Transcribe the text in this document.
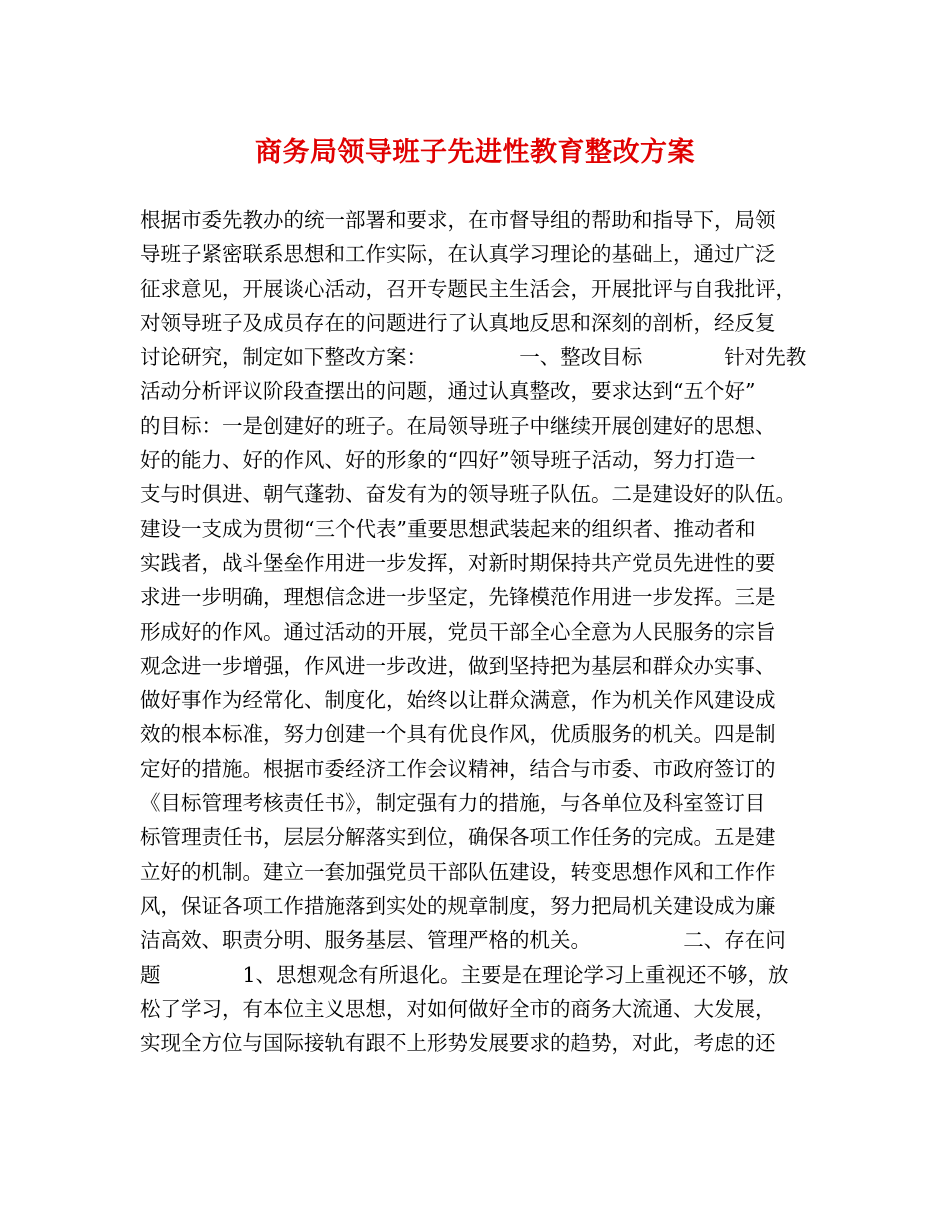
商务局领导班子先进性教育整改方案
根据市委先教办的统一部署和要求，在市督导组的帮助和指导下，局领
导班子紧密联系思想和工作实际，在认真学习理论的基础上，通过广泛
征求意见，开展谈心活动，召开专题民主生活会，开展批评与自我批评，
对领导班子及成员存在的问题进行了认真地反思和深刻的剖析，经反复
讨论研究，制定如下整改方案：　　　　　一、整改目标　　　　针对先教
活动分析评议阶段查摆出的问题，通过认真整改，要求达到“五个好”
的目标：一是创建好的班子。在局领导班子中继续开展创建好的思想、
好的能力、好的作风、好的形象的“四好”领导班子活动，努力打造一
支与时俱进、朝气蓬勃、奋发有为的领导班子队伍。二是建设好的队伍。
建设一支成为贯彻“三个代表”重要思想武装起来的组织者、推动者和
实践者，战斗堡垒作用进一步发挥，对新时期保持共产党员先进性的要
求进一步明确，理想信念进一步坚定，先锋模范作用进一步发挥。三是
形成好的作风。通过活动的开展，党员干部全心全意为人民服务的宗旨
观念进一步增强，作风进一步改进，做到坚持把为基层和群众办实事、
做好事作为经常化、制度化，始终以让群众满意，作为机关作风建设成
效的根本标准，努力创建一个具有优良作风，优质服务的机关。四是制
定好的措施。根据市委经济工作会议精神，结合与市委、市政府签订的
《目标管理考核责任书》，制定强有力的措施，与各单位及科室签订目
标管理责任书，层层分解落实到位，确保各项工作任务的完成。五是建
立好的机制。建立一套加强党员干部队伍建设，转变思想作风和工作作
风，保证各项工作措施落到实处的规章制度，努力把局机关建设成为廉
洁高效、职责分明、服务基层、管理严格的机关。　　　　　二、存在问
题　　　　1、思想观念有所退化。主要是在理论学习上重视还不够，放
松了学习，有本位主义思想，对如何做好全市的商务大流通、大发展，
实现全方位与国际接轨有跟不上形势发展要求的趋势，对此，考虑的还
